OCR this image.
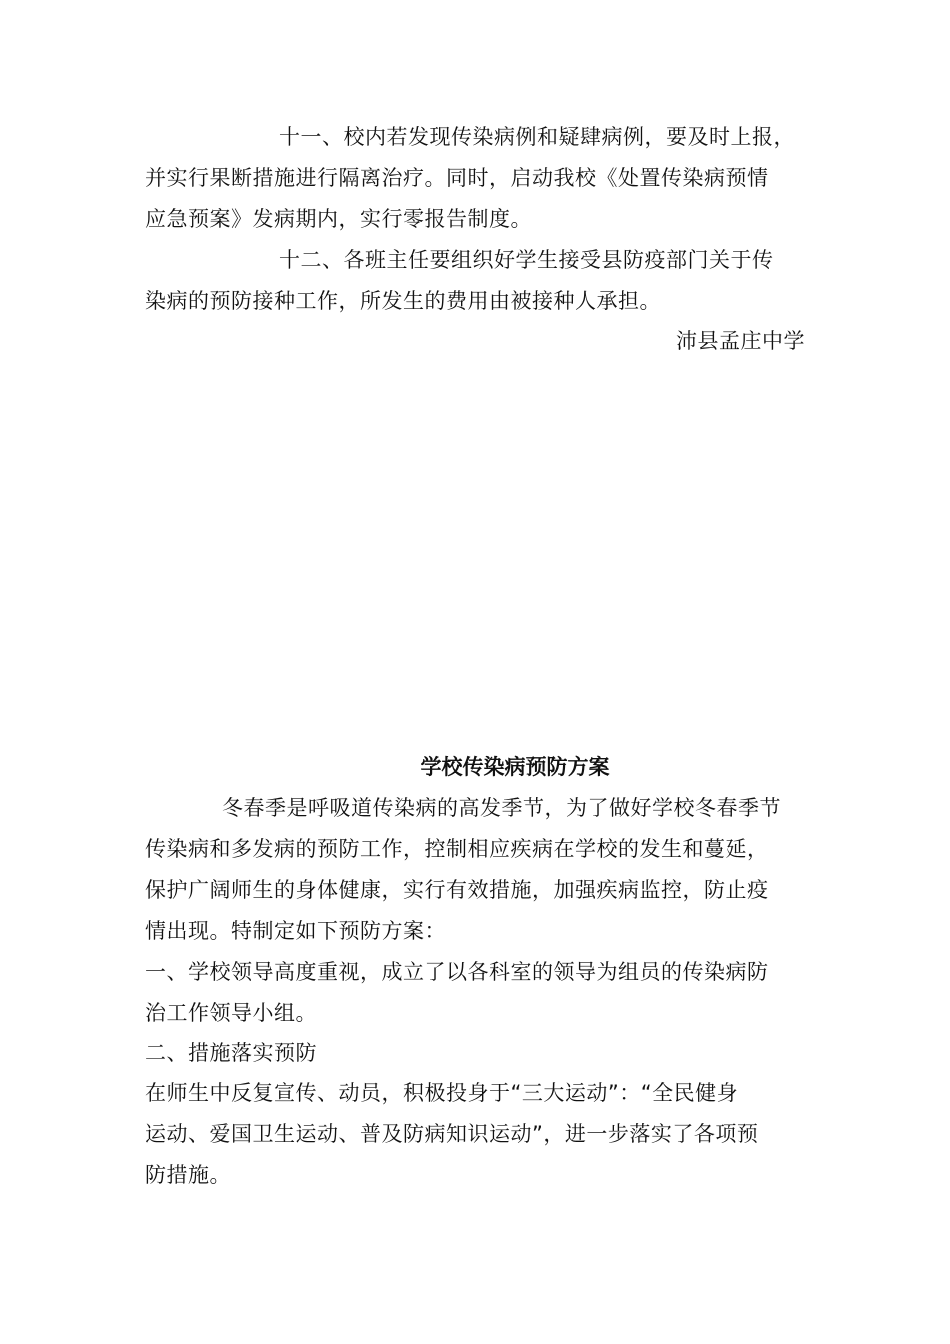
十一、校内若发现传染病例和疑肆病例，要及时上报，
并实行果断措施进行隔离治疗。同时，启动我校《处置传染病预情
应急预案》发病期内，实行零报告制度。
十二、各班主任要组织好学生接受县防疫部门关于传
染病的预防接种工作，所发生的费用由被接种人承担。
沛县孟庄中学
学校传染病预防方案
冬春季是呼吸道传染病的高发季节，为了做好学校冬春季节
传染病和多发病的预防工作，控制相应疾病在学校的发生和蔓延，
保护广阔师生的身体健康，实行有效措施，加强疾病监控，防止疫
情出现。特制定如下预防方案：
一、学校领导高度重视，成立了以各科室的领导为组员的传染病防
治工作领导小组。
二、措施落实预防
在师生中反复宣传、动员，积极投身于“三大运动”：“全民健身
运动、爱国卫生运动、普及防病知识运动”，进一步落实了各项预
防措施。
